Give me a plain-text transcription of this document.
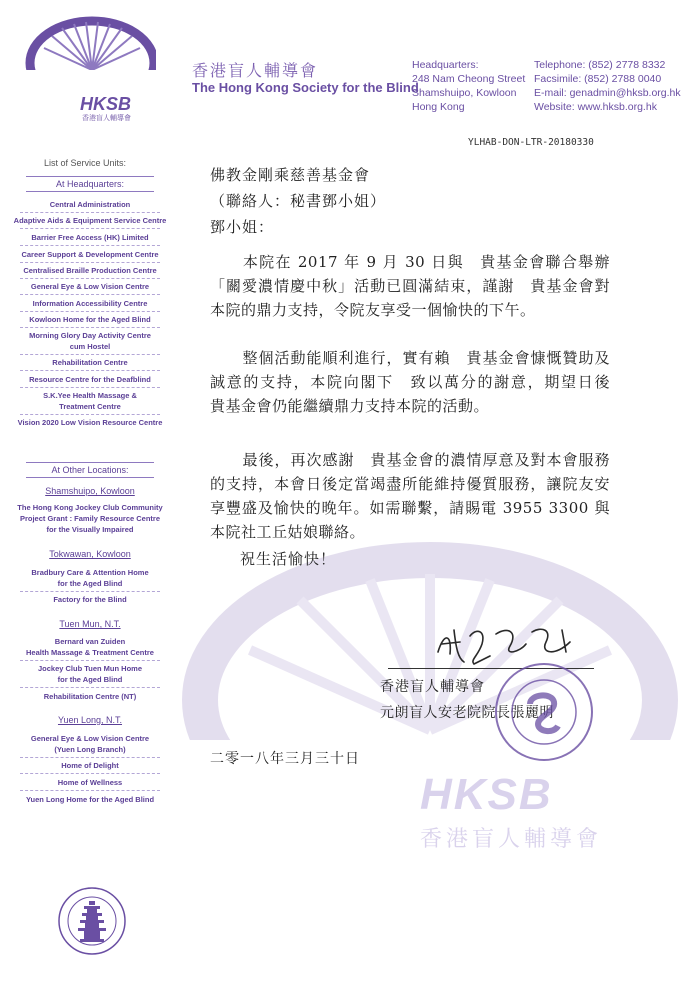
HKSB
香港盲人輔導會
香港盲人輔導會
The Hong Kong Society for the Blind
Headquarters:
248 Nam Cheong Street
Shamshuipo, Kowloon
Hong Kong
Telephone: (852) 2778 8332
Facsimile: (852) 2788 0040
E-mail: genadmin@hksb.org.hk
Website: www.hksb.org.hk
YLHAB-DON-LTR-20180330
List of Service Units:
At Headquarters:
Central Administration
Adaptive Aids & Equipment Service Centre
Barrier Free Access (HK) Limited
Career Support & Development Centre
Centralised Braille Production Centre
General Eye & Low Vision Centre
Information Accessibility Centre
Kowloon Home for the Aged Blind
Morning Glory Day Activity Centre
cum Hostel
Rehabilitation Centre
Resource Centre for the Deafblind
S.K.Yee Health Massage &
Treatment Centre
Vision 2020 Low Vision Resource Centre
At Other Locations:
Shamshuipo, Kowloon
The Hong Kong Jockey Club Community
Project Grant : Family Resource Centre
for the Visually Impaired
Tokwawan, Kowloon
Bradbury Care & Attention Home
for the Aged Blind
Factory for the Blind
Tuen Mun, N.T.
Bernard van Zuiden
Health Massage & Treatment Centre
Jockey Club Tuen Mun Home
for the Aged Blind
Rehabilitation Centre (NT)
Yuen Long, N.T.
General Eye & Low Vision Centre
(Yuen Long Branch)
Home of Delight
Home of Wellness
Yuen Long Home for the Aged Blind	HKSB
香港盲人輔導會
佛教金剛乘慈善基金會
（聯絡人：秘書鄧小姐）
鄧小姐：
本院在 2017 年 9 月 30 日與　貴基金會聯合舉辦「關愛濃情慶中秋」活動已圓滿結束，謹謝　貴基金會對本院的鼎力支持，令院友享受一個愉快的下午。
整個活動能順利進行，實有賴　貴基金會慷慨贊助及誠意的支持，本院向閣下　致以萬分的謝意，期望日後　貴基金會仍能繼續鼎力支持本院的活動。
最後，再次感謝　貴基金會的濃情厚意及對本會服務的支持，本會日後定當竭盡所能維持優質服務，讓院友安享豐盛及愉快的晚年。如需聯繫，請賜電 3955 3300 與本院社工丘姑娘聯絡。
祝生活愉快！
香港盲人輔導會
元朗盲人安老院院長張麗明
二零一八年三月三十日
